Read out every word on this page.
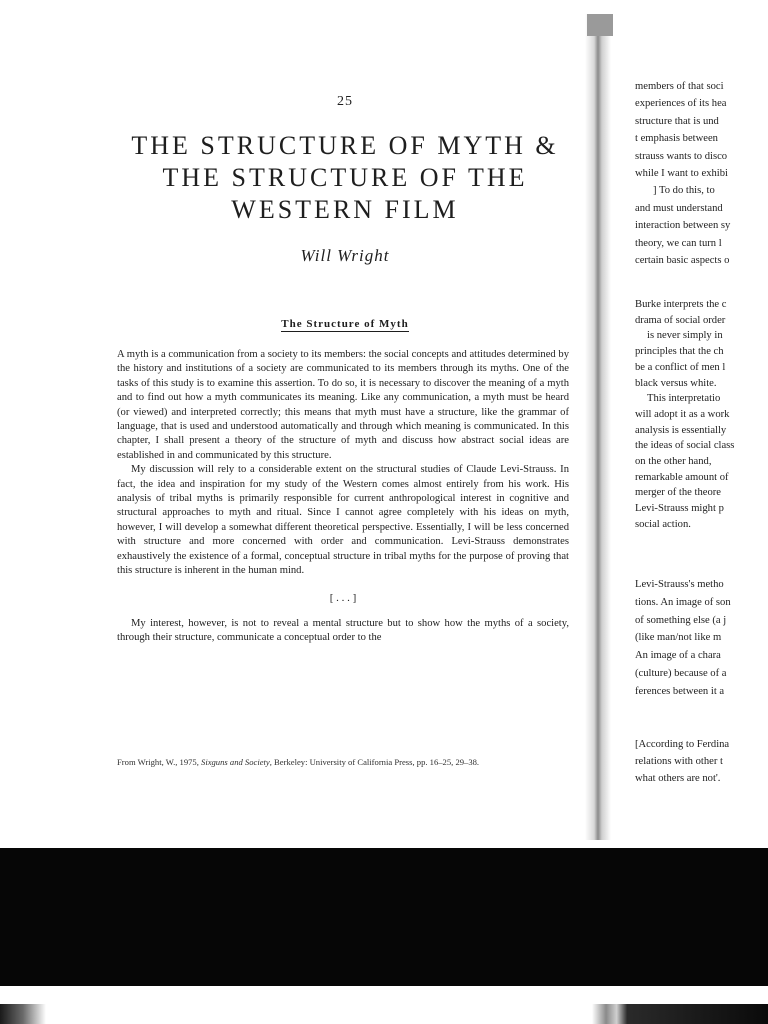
25
THE STRUCTURE OF MYTH &
THE STRUCTURE OF THE
WESTERN FILM
Will Wright
The Structure of Myth

A myth is a communication from a society to its members: the social concepts and attitudes determined by the history and institutions of a society are communicated to its members through its myths. One of the tasks of this study is to examine this assertion. To do so, it is necessary to discover the meaning of a myth and to find out how a myth communicates its meaning. Like any communication, a myth must be heard (or viewed) and interpreted correctly; this means that myth must have a structure, like the grammar of language, that is used and understood automatically and through which meaning is communicated. In this chapter, I shall present a theory of the structure of myth and discuss how abstract social ideas are established in and communicated by this structure.

My discussion will rely to a considerable extent on the structural studies of Claude Levi-Strauss. In fact, the idea and inspiration for my study of the Western comes almost entirely from his work. His analysis of tribal myths is primarily responsible for current anthropological interest in cognitive and structural approaches to myth and ritual. Since I cannot agree completely with his ideas on myth, however, I will develop a somewhat different theoretical perspective. Essentially, I will be less concerned with structure and more concerned with order and communication. Levi-Strauss demonstrates exhaustively the existence of a formal, conceptual structure in tribal myths for the purpose of proving that this structure is inherent in the human mind.

[ . . . ]

My interest, however, is not to reveal a mental structure but to show how the myths of a society, through their structure, communicate a conceptual order to the

From Wright, W., 1975, Sixguns and Society, Berkeley: University of California Press, pp. 16–25, 29–38.
members of that soci
experiences of its hea
structure that is und
t emphasis between
strauss wants to disco
while I want to exhibi
] To do this, to
and must understand
interaction between sy
theory, we can turn l
certain basic aspects o
Burke interprets the c
drama of social order
is never simply in
principles that the ch
be a conflict of men l
black versus white.
This interpretatio
will adopt it as a work
analysis is essentially
the ideas of social class
on the other hand,
remarkable amount of
merger of the theore
Levi-Strauss might p
social action.
Levi-Strauss's metho
tions. An image of son
of something else (a j
(like man/not like m
An image of a chara
(culture) because of a
ferences between it a
[According to Ferdina
relations with other t
what others are not'.
